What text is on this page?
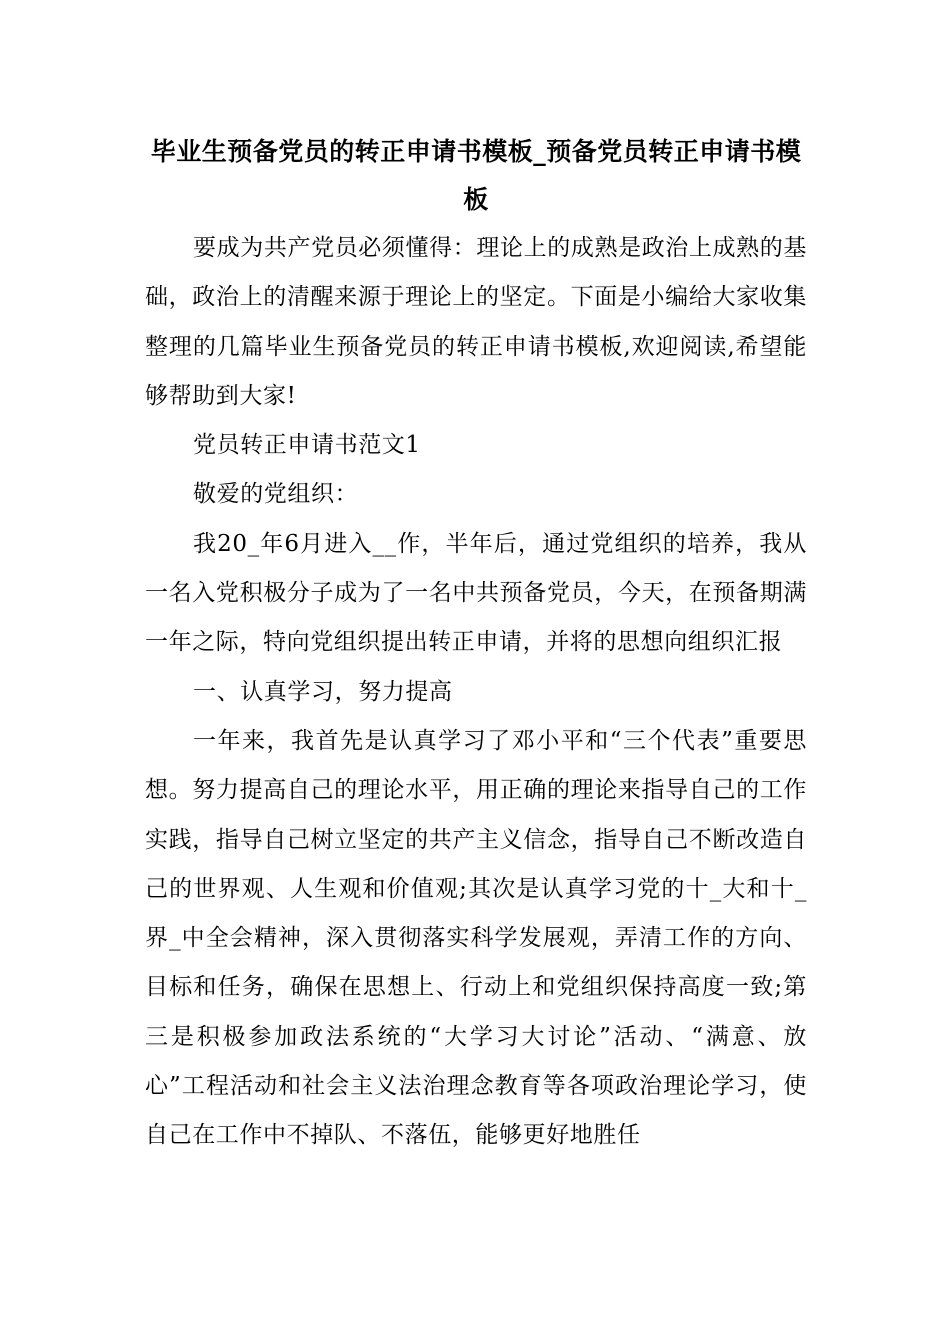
毕业生预备党员的转正申请书模板_预备党员转正申请书模板

要成为共产党员必须懂得：理论上的成熟是政治上成熟的基础，政治上的清醒来源于理论上的坚定。下面是小编给大家收集整理的几篇毕业生预备党员的转正申请书模板,欢迎阅读,希望能够帮助到大家!

党员转正申请书范文1

敬爱的党组织：

我20_年6月进入__作，半年后，通过党组织的培养，我从一名入党积极分子成为了一名中共预备党员，今天，在预备期满一年之际，特向党组织提出转正申请，并将的思想向组织汇报

一、认真学习，努力提高

一年来，我首先是认真学习了邓小平和“三个代表”重要思想。努力提高自己的理论水平，用正确的理论来指导自己的工作实践，指导自己树立坚定的共产主义信念，指导自己不断改造自己的世界观、人生观和价值观;其次是认真学习党的十_大和十_界_中全会精神，深入贯彻落实科学发展观，弄清工作的方向、目标和任务，确保在思想上、行动上和党组织保持高度一致;第三是积极参加政法系统的“大学习大讨论”活动、“满意、放心”工程活动和社会主义法治理念教育等各项政治理论学习，使自己在工作中不掉队、不落伍，能够更好地胜任
